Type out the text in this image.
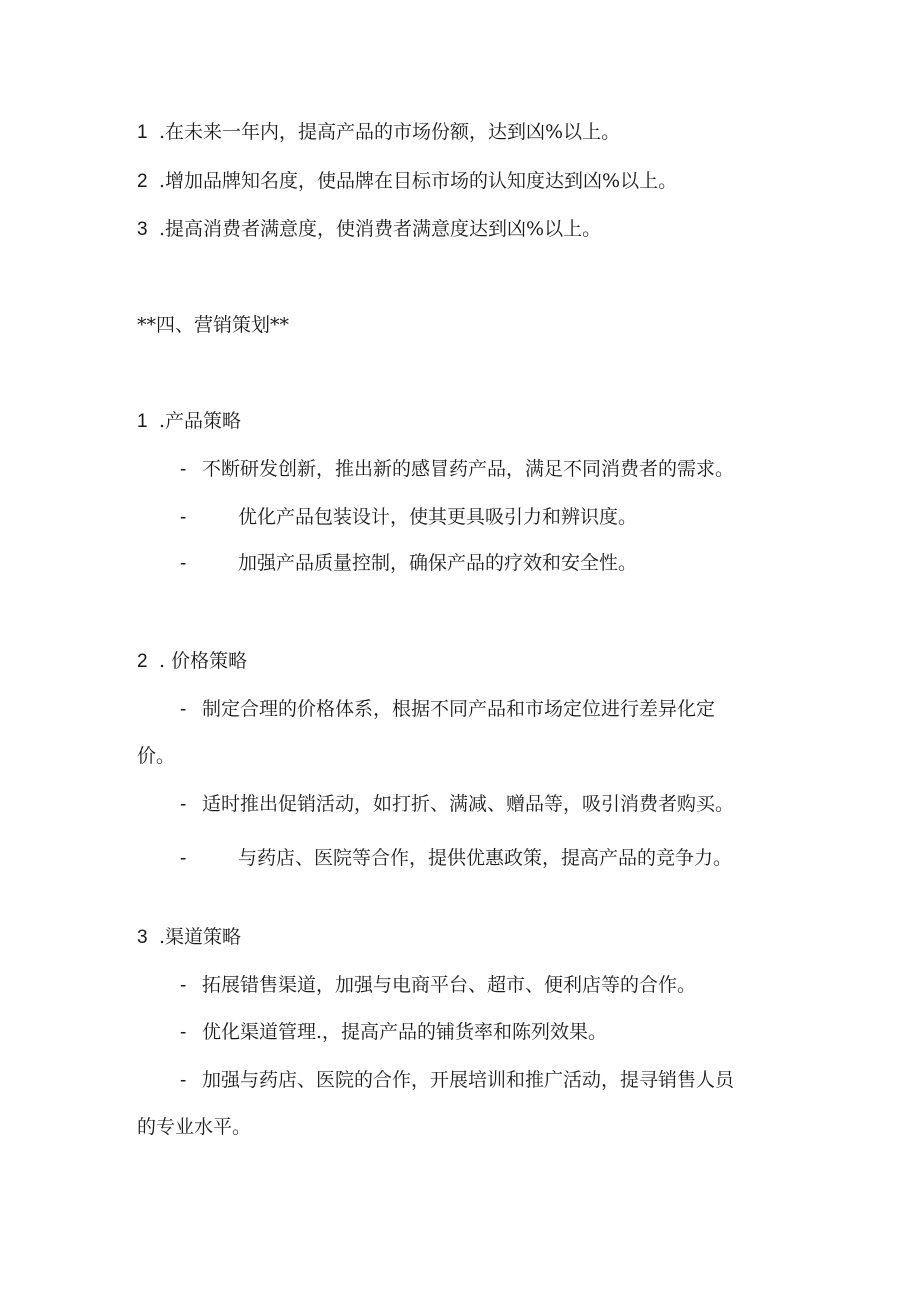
1 .在未来一年内，提高产品的市场份额，达到凶%以上。
2 .增加品牌知名度，使品牌在目标市场的认知度达到凶%以上。
3 .提高消费者满意度，使消费者满意度达到凶%以上。
**四、营销策划**
1 .产品策略
- 不断研发创新，推出新的感冒药产品，满足不同消费者的需求。
-	优化产品包装设计，使其更具吸引力和辨识度。
-	加强产品质量控制，确保产品的疗效和安全性。
2 . 价格策略
- 制定合理的价格体系，根据不同产品和市场定位进行差异化定
价。
- 适时推出促销活动，如打折、满减、赠品等，吸引消费者购买。
-	与药店、医院等合作，提供优惠政策，提高产品的竞争力。
3 .渠道策略
- 拓展错售渠道，加强与电商平台、超市、便利店等的合作。
- 优化渠道管理.，提高产品的铺货率和陈列效果。
- 加强与药店、医院的合作，开展培训和推广活动，提寻销售人员
的专业水平。
